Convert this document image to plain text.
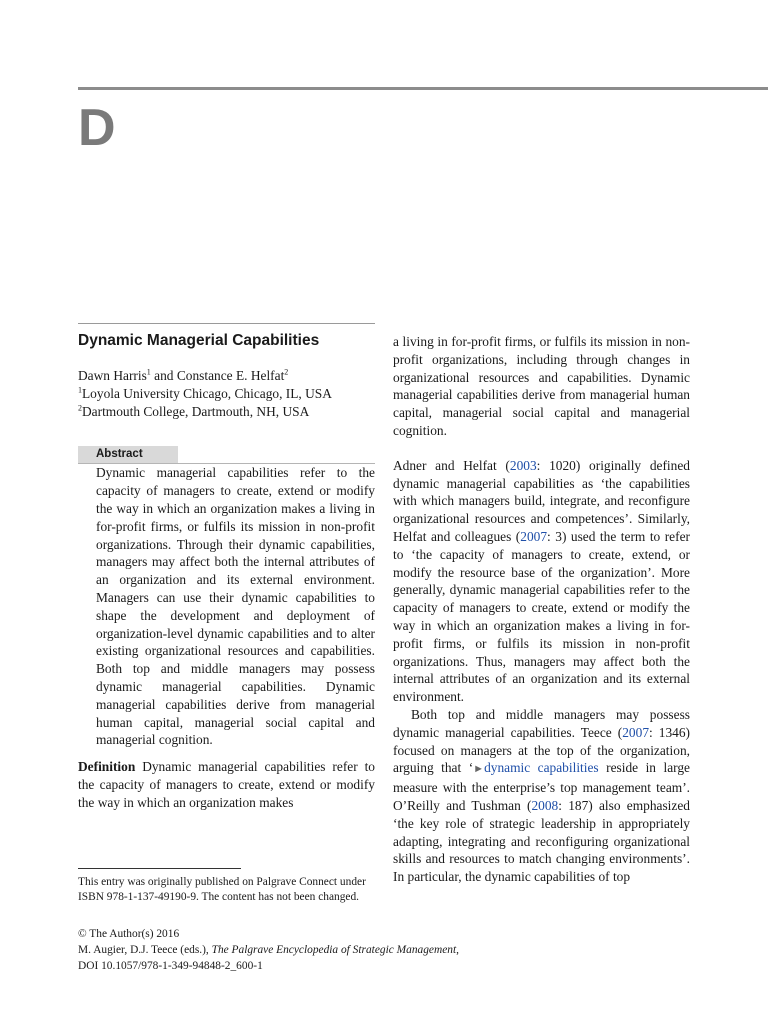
D
Dynamic Managerial Capabilities

Dawn Harris$^1$ and Constance E. Helfat$^2$

$^1$Loyola University Chicago, Chicago, IL, USA

$^2$Dartmouth College, Dartmouth, NH, USA

Abstract

Dynamic managerial capabilities refer to the capacity of managers to create, extend or modify the way in which an organization makes a living in for-profit firms, or fulfils its mission in non-profit organizations. Through their dynamic capabilities, managers may affect both the internal attributes of an organization and its external environment. Managers can use their dynamic capabilities to shape the development and deployment of organization-level dynamic capabilities and to alter existing organizational resources and capabilities. Both top and middle managers may possess dynamic managerial capabilities. Dynamic managerial capabilities derive from managerial human capital, managerial social capital and managerial cognition.

Definition Dynamic managerial capabilities refer to the capacity of managers to create, extend or modify the way in which an organization makes

a living in for-profit firms, or fulfils its mission in non-profit organizations, including through changes in organizational resources and capabilities. Dynamic managerial capabilities derive from managerial human capital, managerial social capital and managerial cognition.

Adner and Helfat (2003: 1020) originally defined dynamic managerial capabilities as ‘the capabilities with which managers build, integrate, and reconfigure organizational resources and competences’. Similarly, Helfat and colleagues (2007: 3) used the term to refer to ‘the capacity of managers to create, extend, or modify the resource base of the organization’. More generally, dynamic managerial capabilities refer to the capacity of managers to create, extend or modify the way in which an organization makes a living in for-profit firms, or fulfils its mission in non-profit organizations. Thus, managers may affect both the internal attributes of an organization and its external environment.

Both top and middle managers may possess dynamic managerial capabilities. Teece (2007: 1346) focused on managers at the top of the organization, arguing that ‘►dynamic capabilities reside in large measure with the enterprise’s top management team’. O’Reilly and Tushman (2008: 187) also emphasized ‘the key role of strategic leadership in appropriately adapting, integrating and reconfiguring organizational skills and resources to match changing environments’. In particular, the dynamic capabilities of top

This entry was originally published on Palgrave Connect under ISBN 978-1-137-49190-9. The content has not been changed.

© The Author(s) 2016

M. Augier, D.J. Teece (eds.), The Palgrave Encyclopedia of Strategic Management,

DOI 10.1057/978-1-349-94848-2_600-1
